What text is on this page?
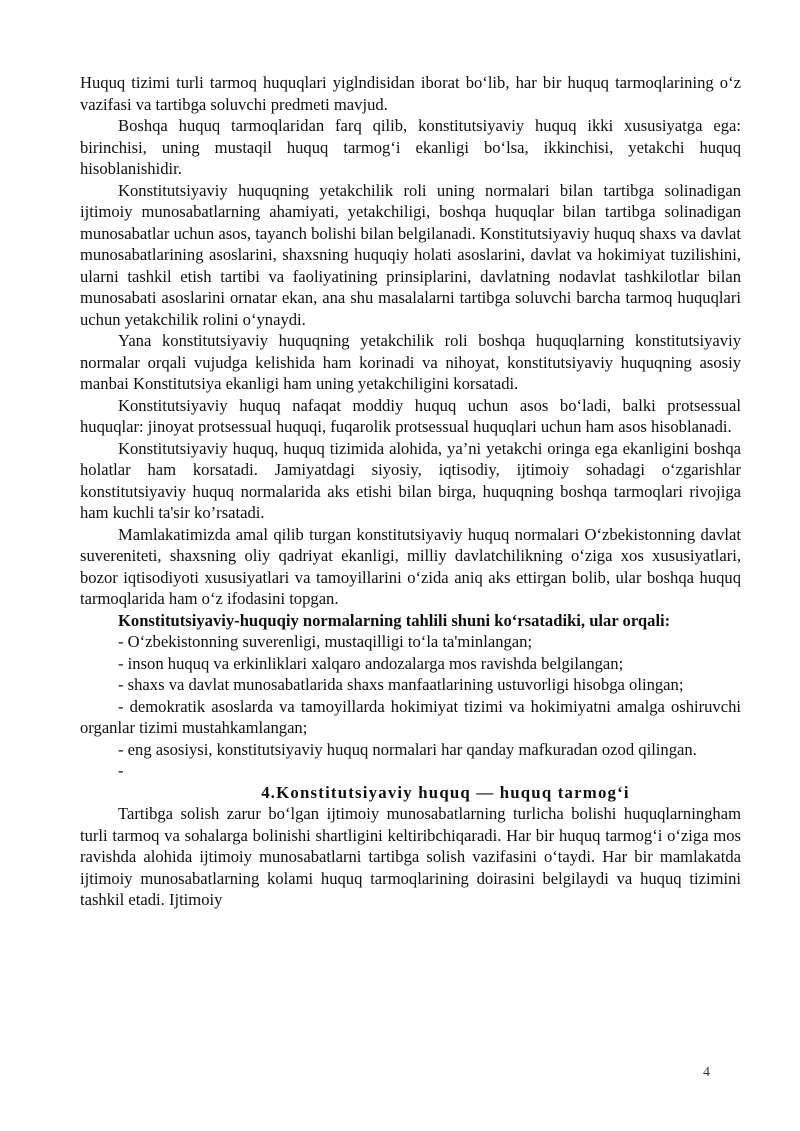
Huquq tizimi turli tarmoq huquqlari yiglndisidan iborat bo‘lib, har bir huquq tarmoqlarining o‘z vazifasi va tartibga soluvchi predmeti mavjud.

Boshqa huquq tarmoqlaridan farq qilib, konstitutsiyaviy huquq ikki xususiyatga ega: birinchisi, uning mustaqil huquq tarmog‘i ekanligi bo‘lsa, ikkinchisi, yetakchi huquq hisoblanishidir.

Konstitutsiyaviy huquqning yetakchilik roli uning normalari bilan tartibga solinadigan ijtimoiy munosabatlarning ahamiyati, yetakchiligi, boshqa huquqlar bilan tartibga solinadigan munosabatlar uchun asos, tayanch bolishi bilan belgilanadi. Konstitutsiyaviy huquq shaxs va davlat munosabatlarining asoslarini, shaxsning huquqiy holati asoslarini, davlat va hokimiyat tuzilishini, ularni tashkil etish tartibi va faoliyatining prinsiplarini, davlatning nodavlat tashkilotlar bilan munosabati asoslarini ornatar ekan, ana shu masalalarni tartibga soluvchi barcha tarmoq huquqlari uchun yetakchilik rolini o‘ynaydi.

Yana konstitutsiyaviy huquqning yetakchilik roli boshqa huquqlarning konstitutsiyaviy normalar orqali vujudga kelishida ham korinadi va nihoyat, konstitutsiyaviy huquqning asosiy manbai Konstitutsiya ekanligi ham uning yetakchiligini korsatadi.

Konstitutsiyaviy huquq nafaqat moddiy huquq uchun asos bo‘ladi, balki protsessual huquqlar: jinoyat protsessual huquqi, fuqarolik protsessual huquqlari uchun ham asos hisoblanadi.

Konstitutsiyaviy huquq, huquq tizimida alohida, ya’ni yetakchi oringa ega ekanligini boshqa holatlar ham korsatadi. Jamiyatdagi siyosiy, iqtisodiy, ijtimoiy sohadagi o‘zgarishlar konstitutsiyaviy huquq normalarida aks etishi bilan birga, huquqning boshqa tarmoqlari rivojiga ham kuchli ta'sir ko’rsatadi.

Mamlakatimizda amal qilib turgan konstitutsiyaviy huquq normalari O‘zbekistonning davlat suvereniteti, shaxsning oliy qadriyat ekanligi, milliy davlatchilikning o‘ziga xos xususiyatlari, bozor iqtisodiyoti xususiyatlari va tamoyillarini o‘zida aniq aks ettirgan bolib, ular boshqa huquq tarmoqlarida ham o‘z ifodasini topgan.

Konstitutsiyaviy-huquqiy normalarning tahlili shuni ko‘rsatadiki, ular orqali:

- O‘zbekistonning suverenligi, mustaqilligi to‘la ta'minlangan;

- inson huquq va erkinliklari xalqaro andozalarga mos ravishda belgilangan;

- shaxs va davlat munosabatlarida shaxs manfaatlarining ustuvorligi hisobga olingan;

- demokratik asoslarda va tamoyillarda hokimiyat tizimi va hokimiyatni amalga oshiruvchi organlar tizimi mustahkamlangan;

- eng asosiysi, konstitutsiyaviy huquq normalari har qanday mafkuradan ozod qilingan.

-

4.Konstitutsiyaviy huquq — huquq tarmog‘i

Tartibga solish zarur bo‘lgan ijtimoiy munosabatlarning turlicha bolishi huquqlarningham turli tarmoq va sohalarga bolinishi shartligini keltiribchiqaradi. Har bir huquq tarmog‘i o‘ziga mos ravishda alohida ijtimoiy munosabatlarni tartibga solish vazifasini o‘taydi. Har bir mamlakatda ijtimoiy munosabatlarning kolami huquq tarmoqlarining doirasini belgilaydi va huquq tizimini tashkil etadi. Ijtimoiy

4
